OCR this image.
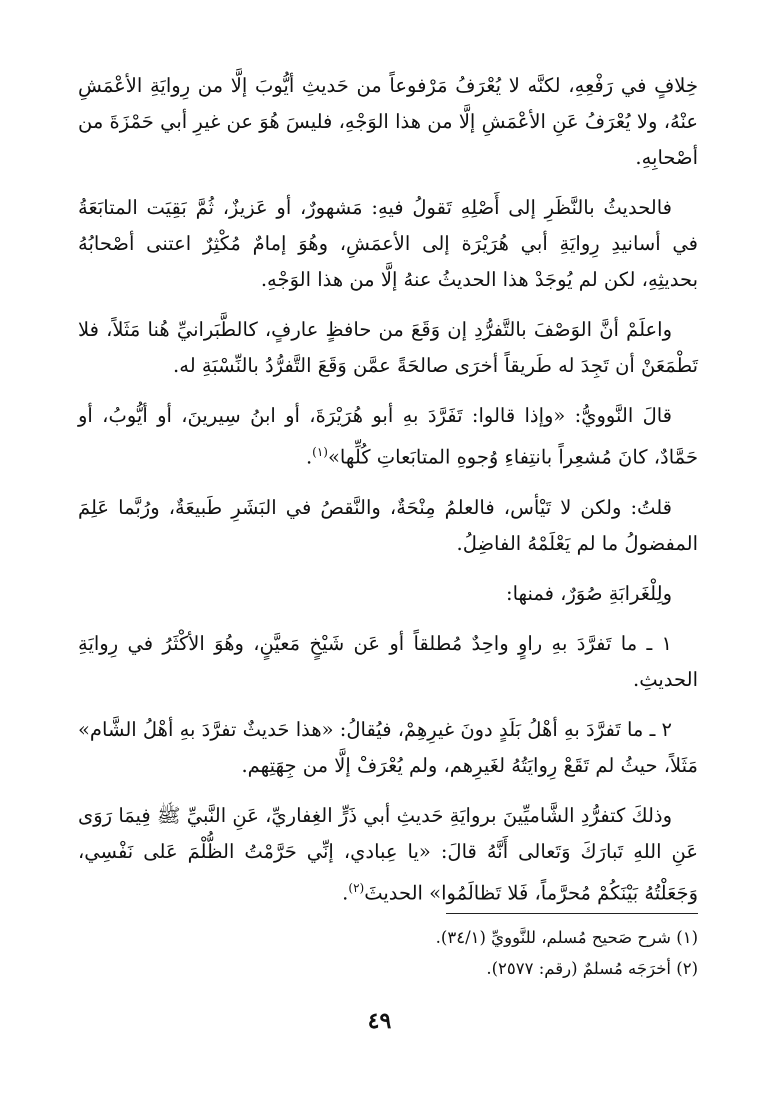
خِلافٍ في رَفْعِهِ، لكنَّه لا يُعْرَفُ مَرْفوعاً من حَديثِ أيُّوبَ إلَّا من رِوايَةِ الأعْمَشِ عنْهُ، ولا يُعْرَفُ عَنِ الأعْمَشِ إلَّا من هذا الوَجْهِ، فليسَ هُوَ عن غيرِ أبي حَمْزَةَ من أصْحابِهِ.

فالحديثُ بالنَّظَرِ إلى أَصْلِهِ تَقولُ فيهِ: مَشهورٌ، أو عَزيزٌ، ثُمَّ بَقِيَت المتابَعَةُ في أسانيدِ رِوايَةِ أبي هُرَيْرَة إلى الأعمَشِ، وهُوَ إمامٌ مُكْثِرٌ اعتنى أصْحابُهُ بحديثِهِ، لكن لم يُوجَدْ هذا الحديثُ عنهُ إلَّا من هذا الوَجْهِ.

واعلَمْ أنَّ الوَصْفَ بالتَّفرُّدِ إن وَقَعَ من حافظٍ عارفٍ، كالطَّبَرانيِّ هُنا مَثَلاً، فلا تَطْمَعَنْ أن تَجِدَ له طَريقاً أخرَى صالحَةً عمَّن وَقَعَ التَّفرُّدُ بالنِّسْبَةِ له.

قالَ النَّوويُّ: «وإذا قالوا: تَفَرَّدَ بهِ أبو هُرَيْرَةَ، أو ابنُ سِيرينَ، أو أيُّوبُ، أو حَمَّادٌ، كانَ مُشعِراً بانتِفاءِ وُجوهِ المتابَعاتِ كُلِّها»$^{(١)}$.

قلتُ: ولكن لا تَيْأس، فالعلمُ مِنْحَةٌ، والنَّقصُ في البَشَرِ طَبيعَةٌ، ورُبَّما عَلِمَ المفضولُ ما لم يَعْلَمْهُ الفاضِلُ.

ولِلْغَرابَةِ صُوَرٌ، فمنها:

١ ـ ما تَفرَّدَ بهِ راوٍ واحِدٌ مُطلقاً أو عَن شَيْخٍ مَعيَّنٍ، وهُوَ الأكْثَرُ في رِوايَةِ الحديثِ.

٢ ـ ما تَفرَّدَ بهِ أهْلُ بَلَدٍ دونَ غيرِهِمْ، فيُقالُ: «هذا حَديثٌ تفرَّدَ بهِ أهْلُ الشَّام» مَثَلاً، حيثُ لم تَقَعْ رِوايَتُهُ لغَيرِهم، ولم يُعْرَفْ إلَّا من جِهَتِهم.

وذلكَ كتفرُّدِ الشَّاميِّينَ بروايَةِ حَديثِ أبي ذَرٍّ الغِفاريِّ، عَنِ النَّبيِّ ﷺ فِيمَا رَوَى عَنِ اللهِ تَبارَكَ وَتَعالى أَنَّهُ قالَ: «يا عِبادي، إنِّي حَرَّمْتُ الظُّلْمَ عَلى نَفْسِي، وَجَعَلْتُهُ بَيْنَكُمْ مُحرَّماً، فَلا تَظالَمُوا» الحديثَ$^{(٢)}$.

(١) شرح صَحيح مُسلم، للنَّوويِّ (٣٤/١).

(٢) أخرَجَه مُسلمٌ (رقم: ٢٥٧٧).

٤٩
